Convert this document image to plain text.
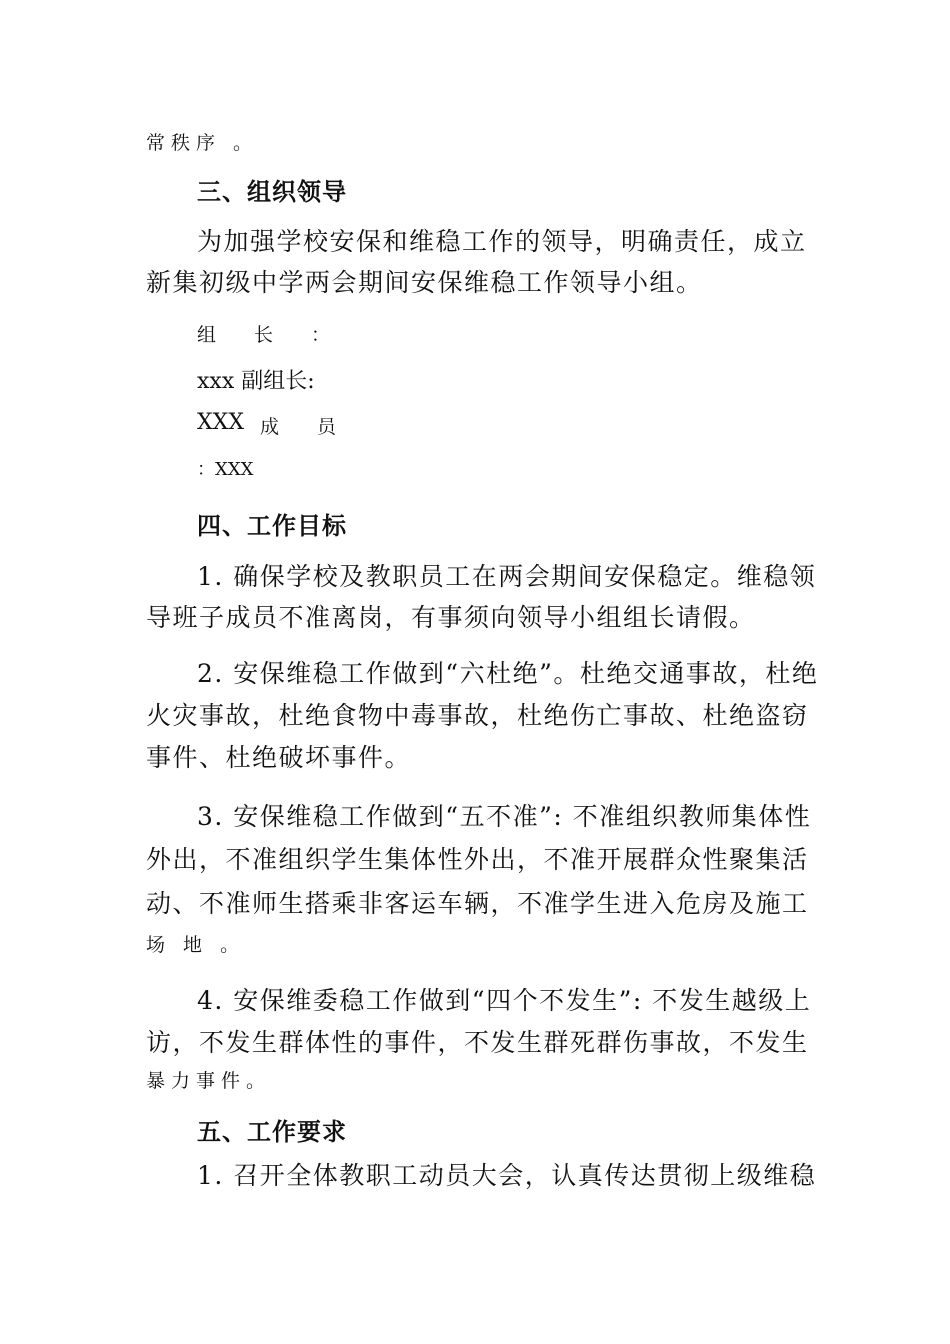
常秩序 。
三、组织领导
为加强学校安保和维稳工作的领导，明确责任，成立
新集初级中学两会期间安保维稳工作领导小组。
组　　长　　：
xxx 副组长:
XXX 成　　员
：XXX
四、工作目标
1. 确保学校及教职员工在两会期间安保稳定。维稳领
导班子成员不准离岗，有事须向领导小组组长请假。
2. 安保维稳工作做到“六杜绝”。杜绝交通事故，杜绝
火灾事故，杜绝食物中毒事故，杜绝伤亡事故、杜绝盗窃
事件、杜绝破坏事件。
3. 安保维稳工作做到“五不准”: 不准组织教师集体性
外出，不准组织学生集体性外出，不准开展群众性聚集活
动、不准师生搭乘非客运车辆，不准学生进入危房及施工
场 地 。
4. 安保维委稳工作做到“四个不发生”: 不发生越级上
访，不发生群体性的事件，不发生群死群伤事故，不发生
暴力事件。
五、工作要求
1. 召开全体教职工动员大会，认真传达贯彻上级维稳
